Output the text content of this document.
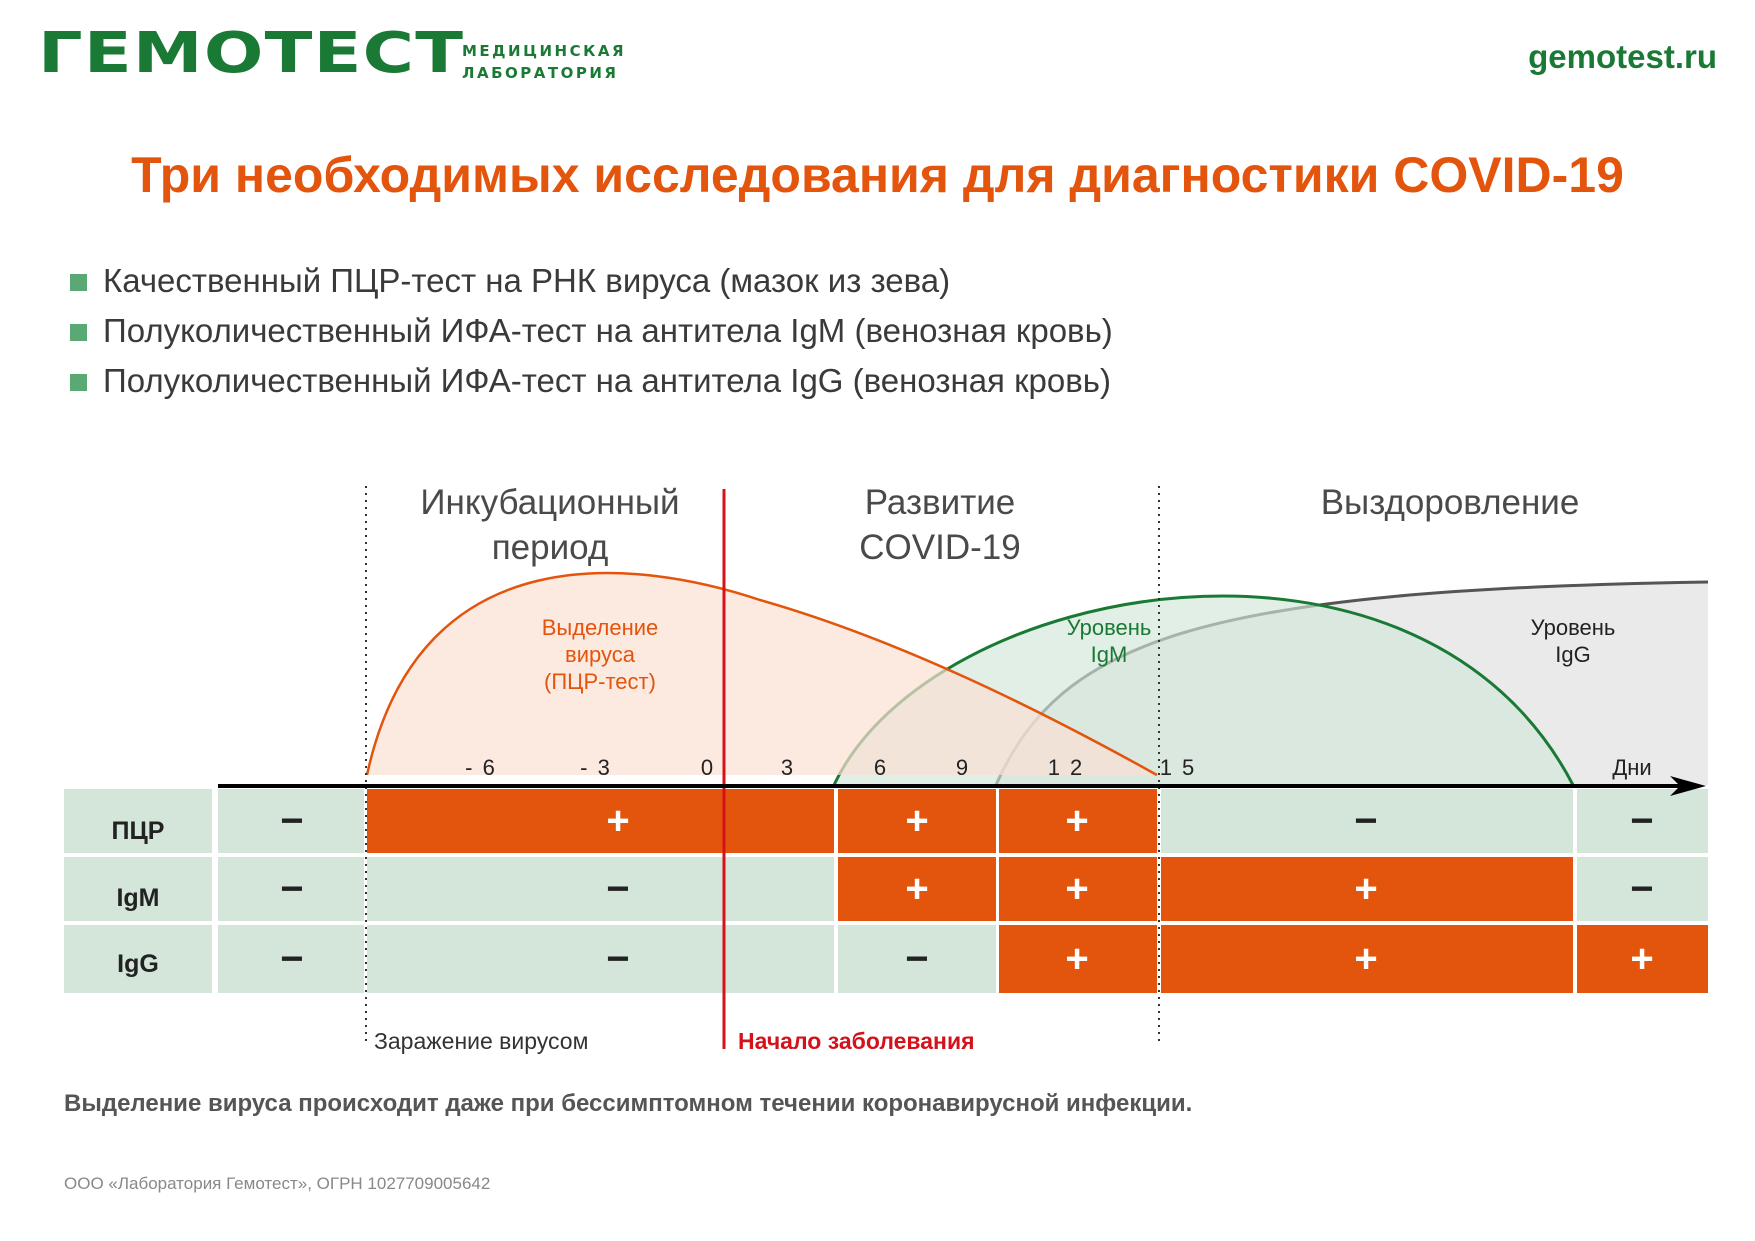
ГЕМОТЕСТ
МЕДИЦИНСКАЯ
ЛАБОРАТОРИЯ	gemotest.ru
Три необходимых исследования для диагностики COVID-19
Качественный ПЦР-тест на РНК вируса (мазок из зева)
Полуколичественный ИФА-тест на антитела IgM (венозная кровь)
Полуколичественный ИФА-тест на антитела IgG (венозная кровь)
Инкубационный
период
Развитие
COVID-19
Выздоровление
Выделение
вируса
(ПЦР-тест)
Уровень
IgM
Уровень
IgG
- 6	- 3	0	3	6	9	1 2	1 5	Дни
ПЦР
IgM
IgG
−	+	+	+	−	−
−	−	+	+	+	−
−	−	−	+	+	+
Заражение вирусом	Начало заболевания
Выделение вируса происходит даже при бессимптомном течении коронавирусной инфекции.
ООО «Лаборатория Гемотест», ОГРН 1027709005642
